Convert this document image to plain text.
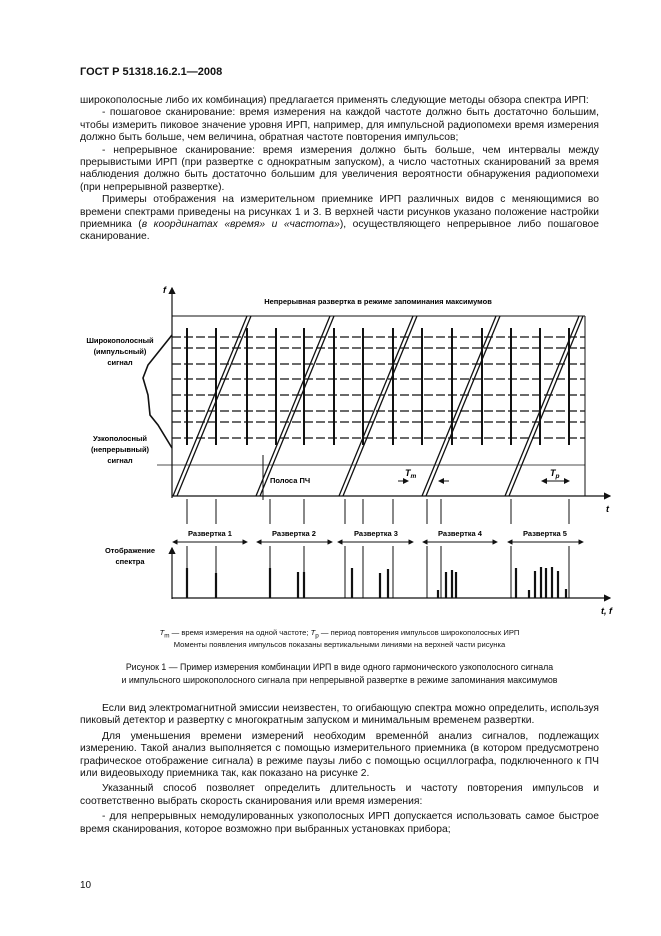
ГОСТ Р 51318.16.2.1—2008

широкополосные либо их комбинация) предлагается применять следующие методы обзора спектра ИРП:

- пошаговое сканирование: время измерения на каждой частоте должно быть достаточно большим, чтобы измерить пиковое значение уровня ИРП, например, для импульсной радиопомехи время измерения должно быть больше, чем величина, обратная частоте повторения импульсов;

- непрерывное сканирование: время измерения должно быть больше, чем интервалы между прерывистыми ИРП (при развертке с однократным запуском), а число частотных сканирований за время наблюдения должно быть достаточно большим для увеличения вероятности обнаружения радиопомехи (при непрерывной развертке).

Примеры отображения на измерительном приемнике ИРП различных видов с меняющимися во времени спектрами приведены на рисунках 1 и 3. В верхней части рисунков указано положение настройки приемника (в координатах «время» и «частота»), осуществляющего непрерывное либо пошаговое сканирование.

Непрерывная развертка в режиме запоминания максимумов
f
t
t, f
Широкополосный
(импульсный)
сигнал
Узкополосный
(непрерывный)
сигнал
Отображение
спектра
Полоса ПЧ
$T_m$	$T_p$
Развертка 1	Развертка 2	Развертка 3	Развертка 4	Развертка 5
$T_m$ — время измерения на одной частоте; $T_p$ — период повторения импульсов широкополосных ИРП
Моменты появления импульсов показаны вертикальными линиями на верхней части рисунка
Рисунок 1 — Пример измерения комбинации ИРП в виде одного гармонического узкополосного сигнала
и импульсного широкополосного сигнала при непрерывной развертке в режиме запоминания максимумов

Если вид электромагнитной эмиссии неизвестен, то огибающую спектра можно определить, используя пиковый детектор и развертку с многократным запуском и минимальным временем развертки.

Для уменьшения времени измерений необходим временно́й анализ сигналов, подлежащих измерению. Такой анализ выполняется с помощью измерительного приемника (в котором предусмотрено графическое отображение сигнала) в режиме паузы либо с помощью осциллографа, подключенного к ПЧ или видеовыходу приемника так, как показано на рисунке 2.

Указанный способ позволяет определить длительность и частоту повторения импульсов и соответственно выбрать скорость сканирования или время измерения:

- для непрерывных немодулированных узкополосных ИРП допускается использовать самое быстрое время сканирования, которое возможно при выбранных установках прибора;

10
